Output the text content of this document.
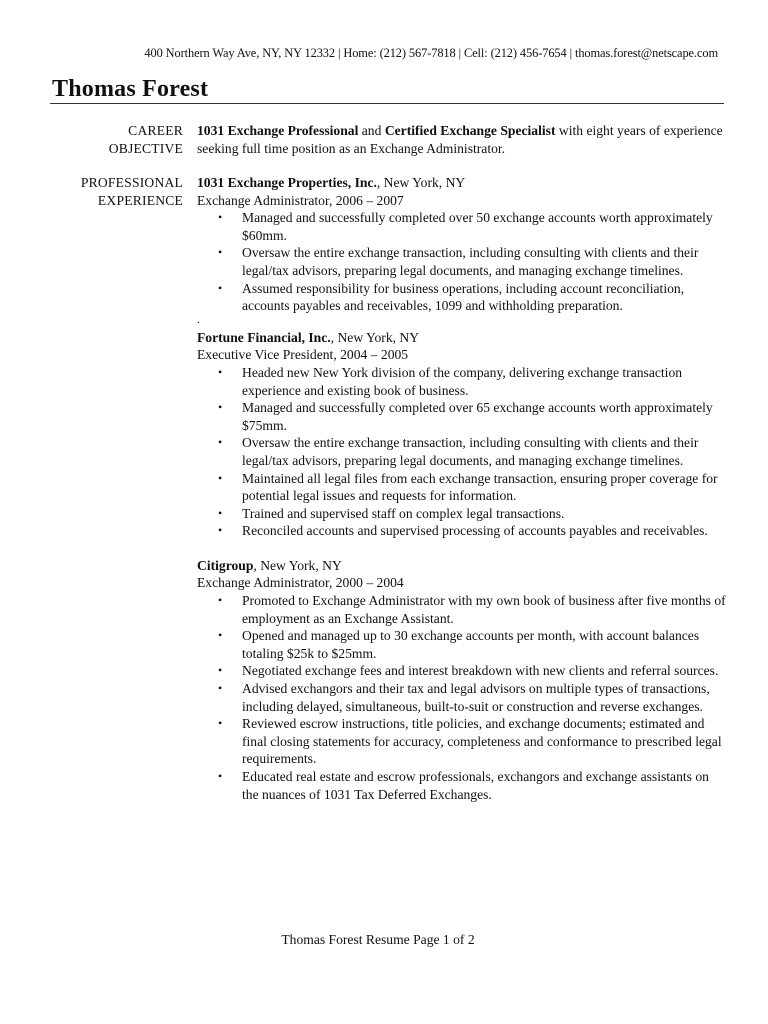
400 Northern Way Ave, NY, NY 12332 | Home: (212) 567-7818 | Cell: (212) 456-7654 | thomas.forest@netscape.com
Thomas Forest
CAREER
OBJECTIVE

1031 Exchange Professional and Certified Exchange Specialist with eight years of experience seeking full time position as an Exchange Administrator.

PROFESSIONAL
EXPERIENCE

1031 Exchange Properties, Inc., New York, NY

Exchange Administrator, 2006 – 2007

• Managed and successfully completed over 50 exchange accounts worth approximately $60mm.
• Oversaw the entire exchange transaction, including consulting with clients and their legal/tax advisors, preparing legal documents, and managing exchange timelines.
• Assumed responsibility for business operations, including account reconciliation, accounts payables and receivables, 1099 and withholding preparation.
.

Fortune Financial, Inc., New York, NY

Executive Vice President, 2004 – 2005

• Headed new New York division of the company, delivering exchange transaction experience and existing book of business.
• Managed and successfully completed over 65 exchange accounts worth approximately $75mm.
• Oversaw the entire exchange transaction, including consulting with clients and their legal/tax advisors, preparing legal documents, and managing exchange timelines.
• Maintained all legal files from each exchange transaction, ensuring proper coverage for potential legal issues and requests for information.
• Trained and supervised staff on complex legal transactions.
• Reconciled accounts and supervised processing of accounts payables and receivables.

Citigroup, New York, NY

Exchange Administrator, 2000 – 2004

• Promoted to Exchange Administrator with my own book of business after five months of employment as an Exchange Assistant.
• Opened and managed up to 30 exchange accounts per month, with account balances totaling $25k to $25mm.
• Negotiated exchange fees and interest breakdown with new clients and referral sources.
• Advised exchangors and their tax and legal advisors on multiple types of transactions, including delayed, simultaneous, built-to-suit or construction and reverse exchanges.
• Reviewed escrow instructions, title policies, and exchange documents; estimated and final closing statements for accuracy, completeness and conformance to prescribed legal requirements.
• Educated real estate and escrow professionals, exchangors and exchange assistants on the nuances of 1031 Tax Deferred Exchanges.
Thomas Forest Resume Page 1 of 2
